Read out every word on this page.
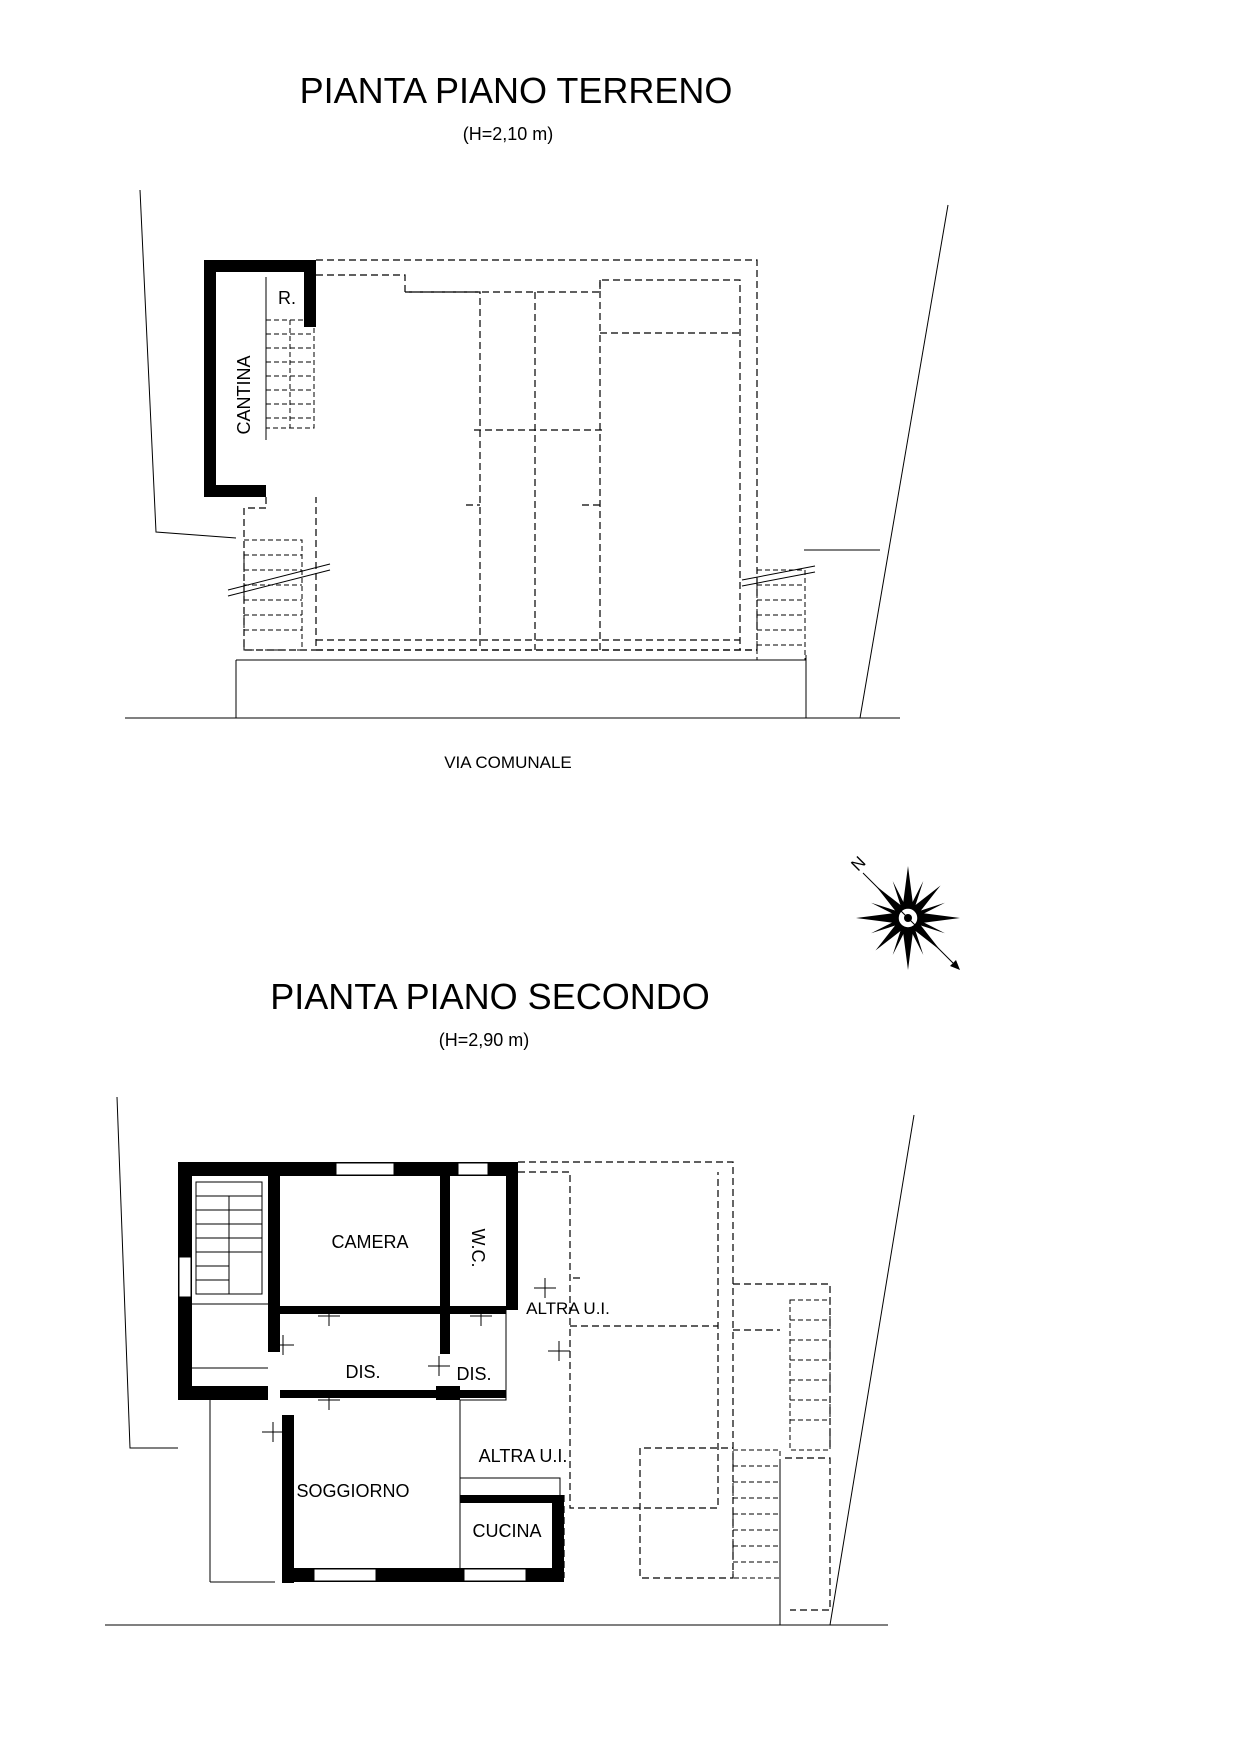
PIANTA PIANO TERRENO
(H=2,10 m)
CANTINA
R.
VIA COMUNALE
N
PIANTA PIANO SECONDO
(H=2,90 m)
CAMERA	W.C.
DIS.	DIS.
SOGGIORNO
CUCINA
ALTRA U.I.
ALTRA U.I.
